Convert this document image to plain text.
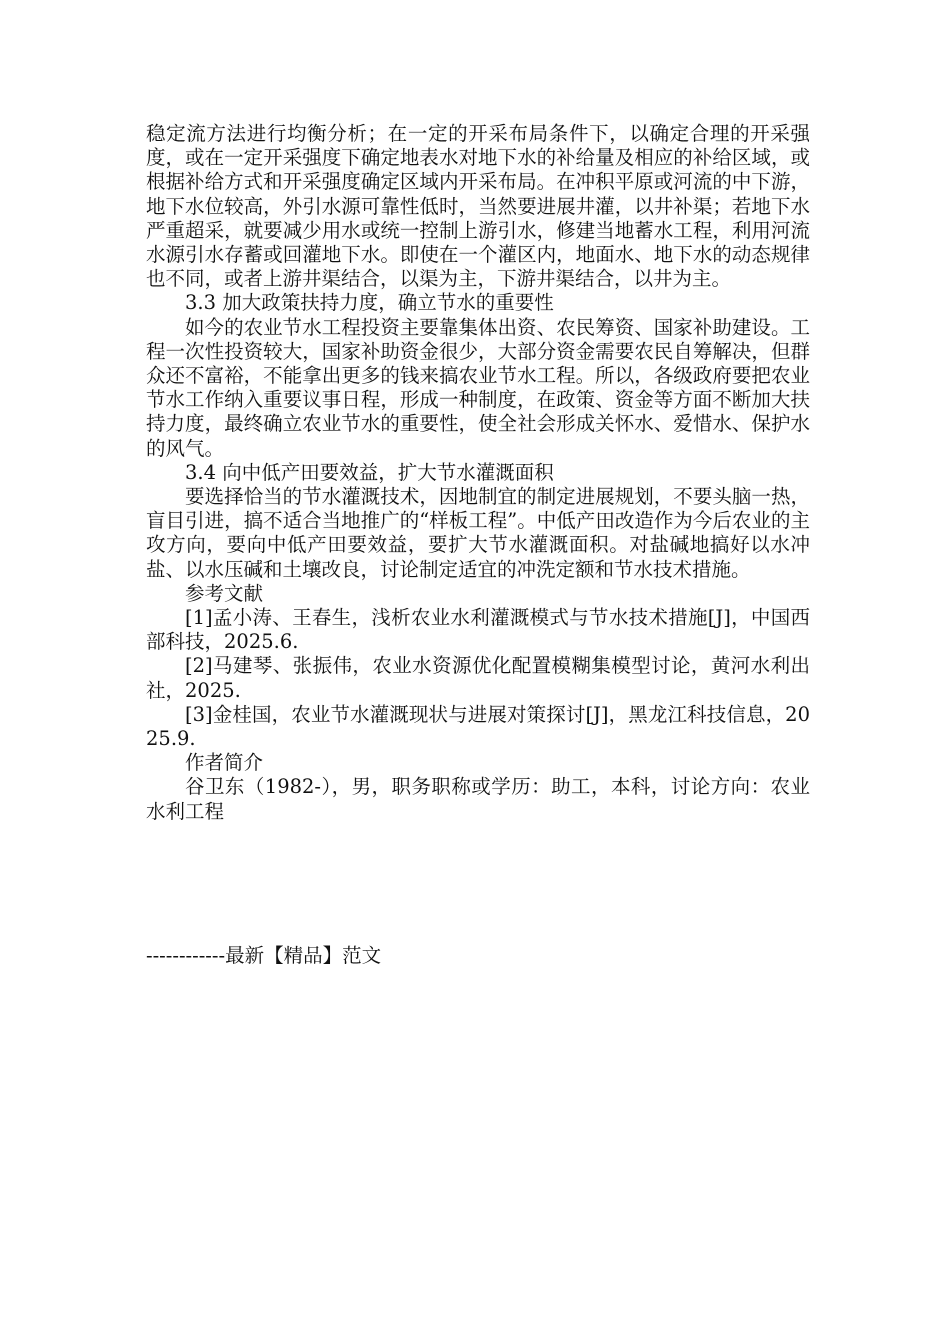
稳定流方法进行均衡分析；在一定的开采布局条件下，以确定合理的开采强度，或在一定开采强度下确定地表水对地下水的补给量及相应的补给区域，或根据补给方式和开采强度确定区域内开采布局。在冲积平原或河流的中下游，地下水位较高，外引水源可靠性低时，当然要进展井灌，以井补渠；若地下水严重超采，就要减少用水或统一控制上游引水，修建当地蓄水工程，利用河流水源引水存蓄或回灌地下水。即使在一个灌区内，地面水、地下水的动态规律也不同，或者上游井渠结合，以渠为主，下游井渠结合，以井为主。

3.3 加大政策扶持力度，确立节水的重要性

如今的农业节水工程投资主要靠集体出资、农民筹资、国家补助建设。工程一次性投资较大，国家补助资金很少，大部分资金需要农民自筹解决，但群众还不富裕，不能拿出更多的钱来搞农业节水工程。所以，各级政府要把农业节水工作纳入重要议事日程，形成一种制度，在政策、资金等方面不断加大扶持力度，最终确立农业节水的重要性，使全社会形成关怀水、爱惜水、保护水的风气。

3.4 向中低产田要效益，扩大节水灌溉面积

要选择恰当的节水灌溉技术，因地制宜的制定进展规划，不要头脑一热，盲目引进，搞不适合当地推广的“样板工程”。中低产田改造作为今后农业的主攻方向，要向中低产田要效益，要扩大节水灌溉面积。对盐碱地搞好以水冲盐、以水压碱和土壤改良，讨论制定适宜的冲洗定额和节水技术措施。

参考文献

[1]孟小涛、王春生，浅析农业水利灌溉模式与节水技术措施[J]，中国西部科技，2025.6.

[2]马建琴、张振伟，农业水资源优化配置模糊集模型讨论，黄河水利出社，2025.

[3]金桂国，农业节水灌溉现状与进展对策探讨[J]，黑龙江科技信息，2025.9.

作者简介

谷卫东（1982-），男，职务职称或学历：助工，本科，讨论方向：农业水利工程

------------最新【精品】范文
